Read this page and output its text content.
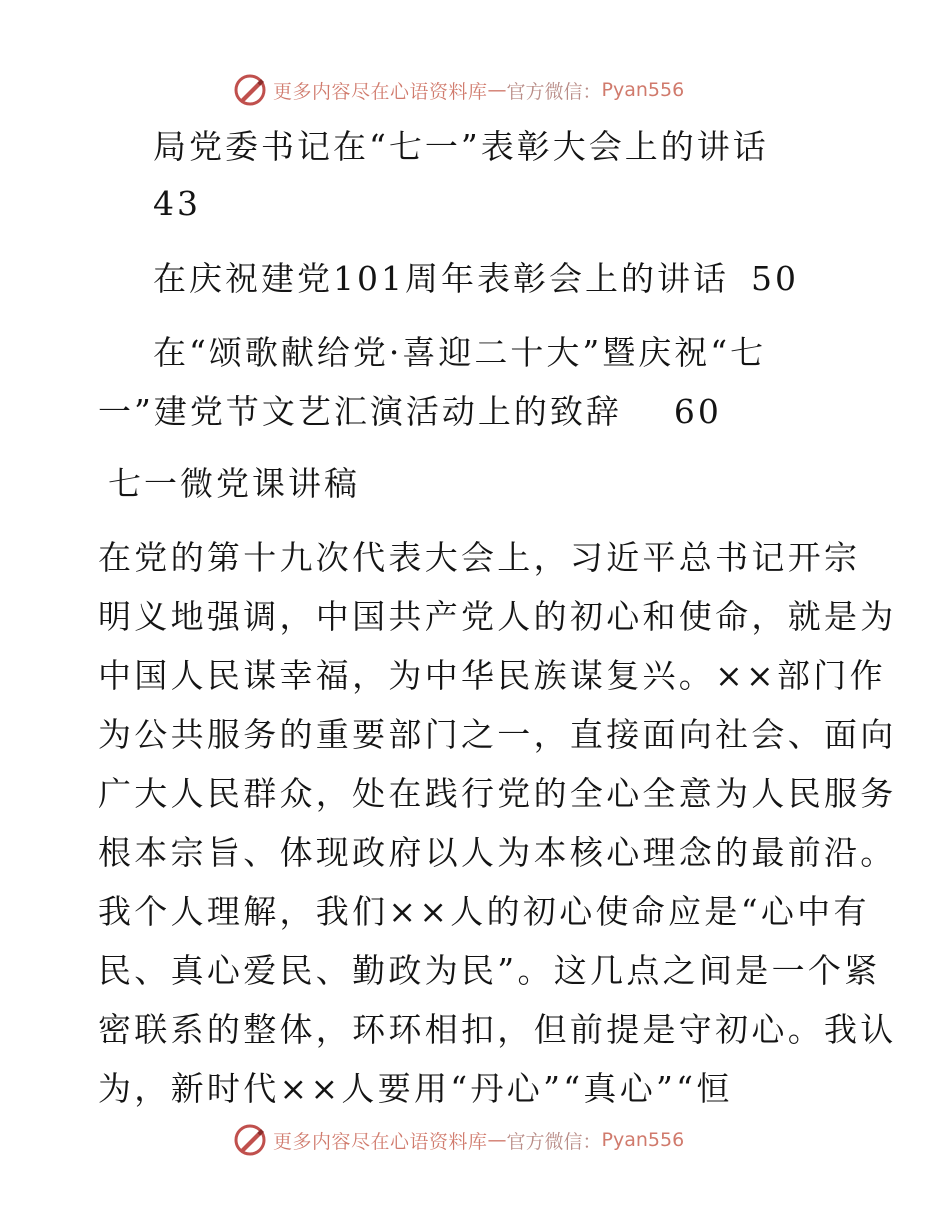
更多内容尽在心语资料库 — 官方微信： Pyan556

局党委书记在“七一”表彰大会上的讲话

43

在庆祝建党101周年表彰会上的讲话 50

在“颂歌献给党·喜迎二十大”暨庆祝“七

一”建党节文艺汇演活动上的致辞 60

七一微党课讲稿

在党的第十九次代表大会上，习近平总书记开宗

明义地强调，中国共产党人的初心和使命，就是为

中国人民谋幸福，为中华民族谋复兴。××部门作

为公共服务的重要部门之一，直接面向社会、面向

广大人民群众，处在践行党的全心全意为人民服务

根本宗旨、体现政府以人为本核心理念的最前沿。

我个人理解，我们××人的初心使命应是“心中有

民、真心爱民、勤政为民”。这几点之间是一个紧

密联系的整体，环环相扣，但前提是守初心。我认

为，新时代××人要用“丹心”“真心”“恒

更多内容尽在心语资料库 — 官方微信： Pyan556
